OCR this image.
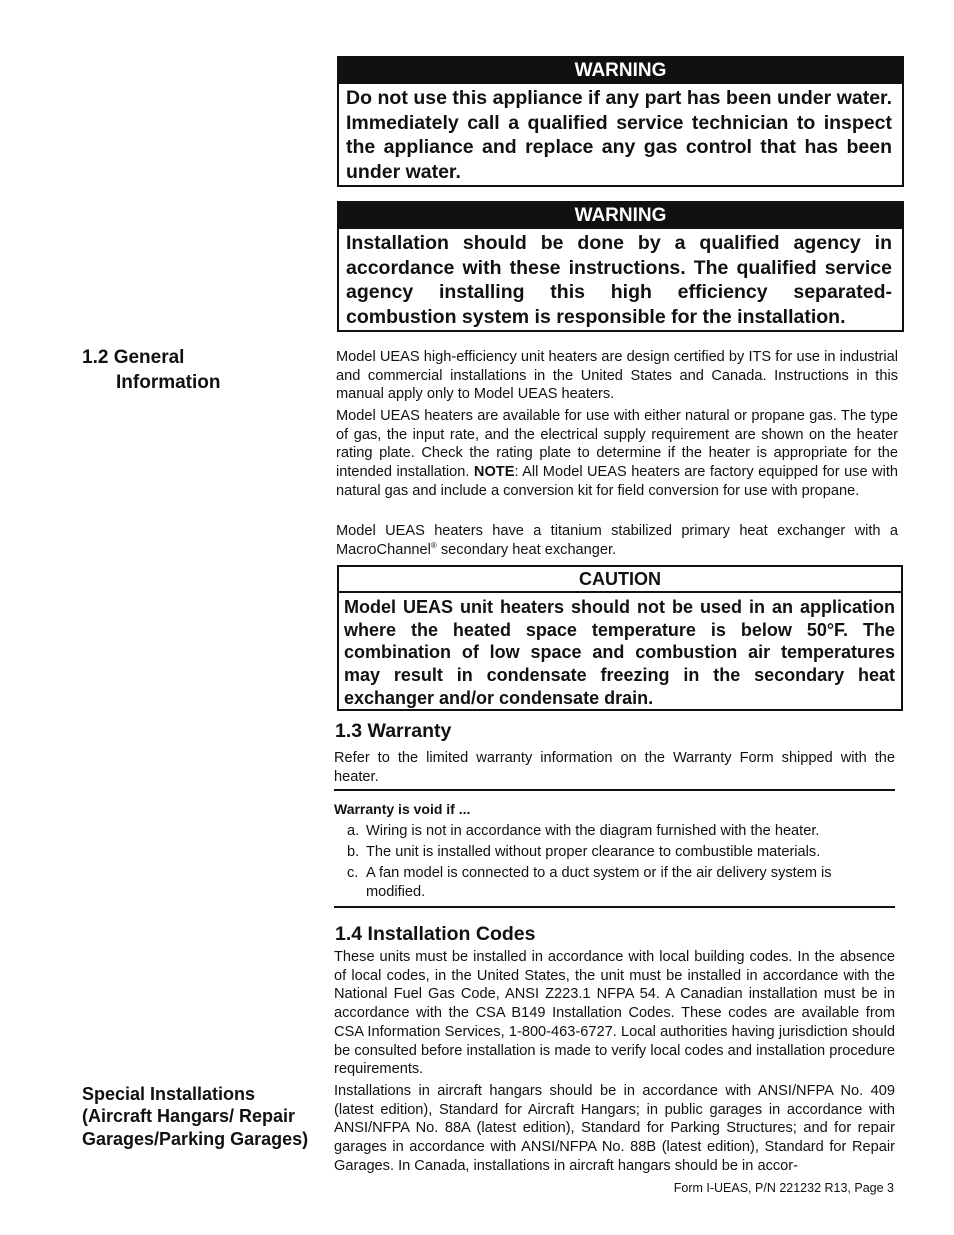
WARNING
Do not use this appliance if any part has been under water. Immediately call a qualified service technician to inspect the appliance and replace any gas control that has been under water.
WARNING
Installation should be done by a qualified agency in accordance with these instructions. The qualified service agency installing this high efficiency separated-combustion system is responsible for the installation.
1.2 General
Information
Model UEAS high-efficiency unit heaters are design certified by ITS for use in industrial and commercial installations in the United States and Canada. Instructions in this manual apply only to Model UEAS heaters.
Model UEAS heaters are available for use with either natural or propane gas. The type of gas, the input rate, and the electrical supply requirement are shown on the heater rating plate. Check the rating plate to determine if the heater is appropriate for the intended installation. NOTE: All Model UEAS heaters are factory equipped for use with natural gas and include a conversion kit for field conversion for use with propane.
Model UEAS heaters have a titanium stabilized primary heat exchanger with a MacroChannel® secondary heat exchanger.
CAUTION
Model UEAS unit heaters should not be used in an application where the heated space temperature is below 50°F. The combination of low space and combustion air temperatures may result in condensate freezing in the secondary heat exchanger and/or condensate drain.
1.3 Warranty
Refer to the limited warranty information on the Warranty Form shipped with the heater.
Warranty is void if ...
a. Wiring is not in accordance with the diagram furnished with the heater.
b. The unit is installed without proper clearance to combustible materials.
c. A fan model is connected to a duct system or if the air delivery system is modified.
1.4 Installation Codes
These units must be installed in accordance with local building codes. In the absence of local codes, in the United States, the unit must be installed in accordance with the National Fuel Gas Code, ANSI Z223.1 NFPA 54. A Canadian installation must be in accordance with the CSA B149 Installation Codes. These codes are available from CSA Information Services, 1-800-463-6727. Local authorities having jurisdiction should be consulted before installation is made to verify local codes and installation procedure requirements.
Special Installations (Aircraft Hangars/ Repair Garages/Parking Garages)
Installations in aircraft hangars should be in accordance with ANSI/NFPA No. 409 (latest edition), Standard for Aircraft Hangars; in public garages in accordance with ANSI/NFPA No. 88A (latest edition), Standard for Parking Structures; and for repair garages in accordance with ANSI/NFPA No. 88B (latest edition), Standard for Repair Garages. In Canada, installations in aircraft hangars should be in accor-
Form I-UEAS, P/N 221232 R13, Page 3
